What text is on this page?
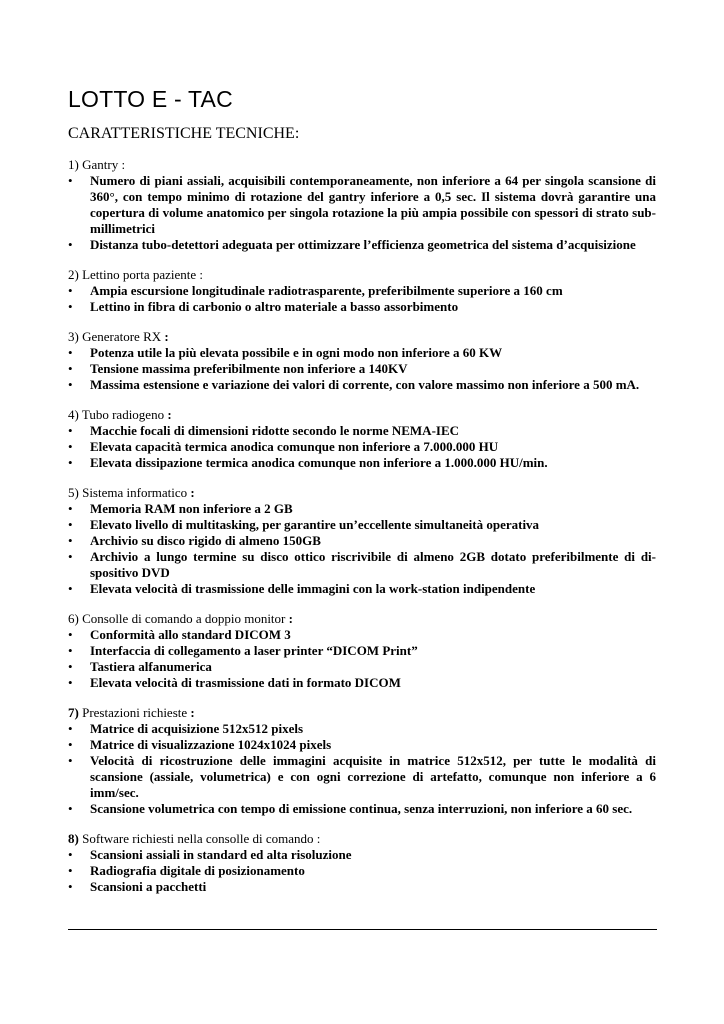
LOTTO E - TAC

CARATTERISTICHE TECNICHE:

1) Gantry :

• Numero di piani assiali, acquisibili contemporaneamente, non inferiore a 64 per singola scansione di 360°, con tempo minimo di rotazione del gantry inferiore a 0,5 sec. Il sistema dovrà garantire una copertura di volume anatomico per singola rotazione la più ampia possibile con spessori di strato sub-millimetrici
• Distanza tubo-detettori adeguata per ottimizzare l’efficienza geometrica del sistema d’acquisizione

2) Lettino porta paziente :

• Ampia escursione longitudinale radiotrasparente, preferibilmente superiore a 160 cm
• Lettino in fibra di carbonio o altro materiale a basso assorbimento

3) Generatore RX :

• Potenza utile la più elevata possibile e in ogni modo non inferiore a 60 KW
• Tensione massima preferibilmente non inferiore a 140KV
• Massima estensione e variazione dei valori di corrente, con valore massimo non inferiore a 500 mA.

4) Tubo radiogeno :

• Macchie focali di dimensioni ridotte secondo le norme NEMA-IEC
• Elevata capacità termica anodica comunque non inferiore a 7.000.000 HU
• Elevata dissipazione termica anodica comunque non inferiore a 1.000.000 HU/min.

5) Sistema informatico :

• Memoria RAM non inferiore a 2 GB
• Elevato livello di multitasking, per garantire un’eccellente simultaneità operativa
• Archivio su disco rigido di almeno 150GB
• Archivio a lungo termine su disco ottico riscrivibile di almeno 2GB dotato preferibilmente di di-spositivo DVD
• Elevata velocità di trasmissione delle immagini con la work-station indipendente

6) Consolle di comando a doppio monitor :

• Conformità allo standard DICOM 3
• Interfaccia di collegamento a laser printer “DICOM Print”
• Tastiera alfanumerica
• Elevata velocità di trasmissione dati in formato DICOM

7) Prestazioni richieste :

• Matrice di acquisizione 512x512 pixels
• Matrice di visualizzazione 1024x1024 pixels
• Velocità di ricostruzione delle immagini acquisite in matrice 512x512, per tutte le modalità di scansione (assiale, volumetrica) e con ogni correzione di artefatto, comunque non inferiore a 6 imm/sec.
• Scansione volumetrica con tempo di emissione continua, senza interruzioni, non inferiore a 60 sec.

8) Software richiesti nella consolle di comando :

• Scansioni assiali in standard ed alta risoluzione
• Radiografia digitale di posizionamento
• Scansioni a pacchetti
